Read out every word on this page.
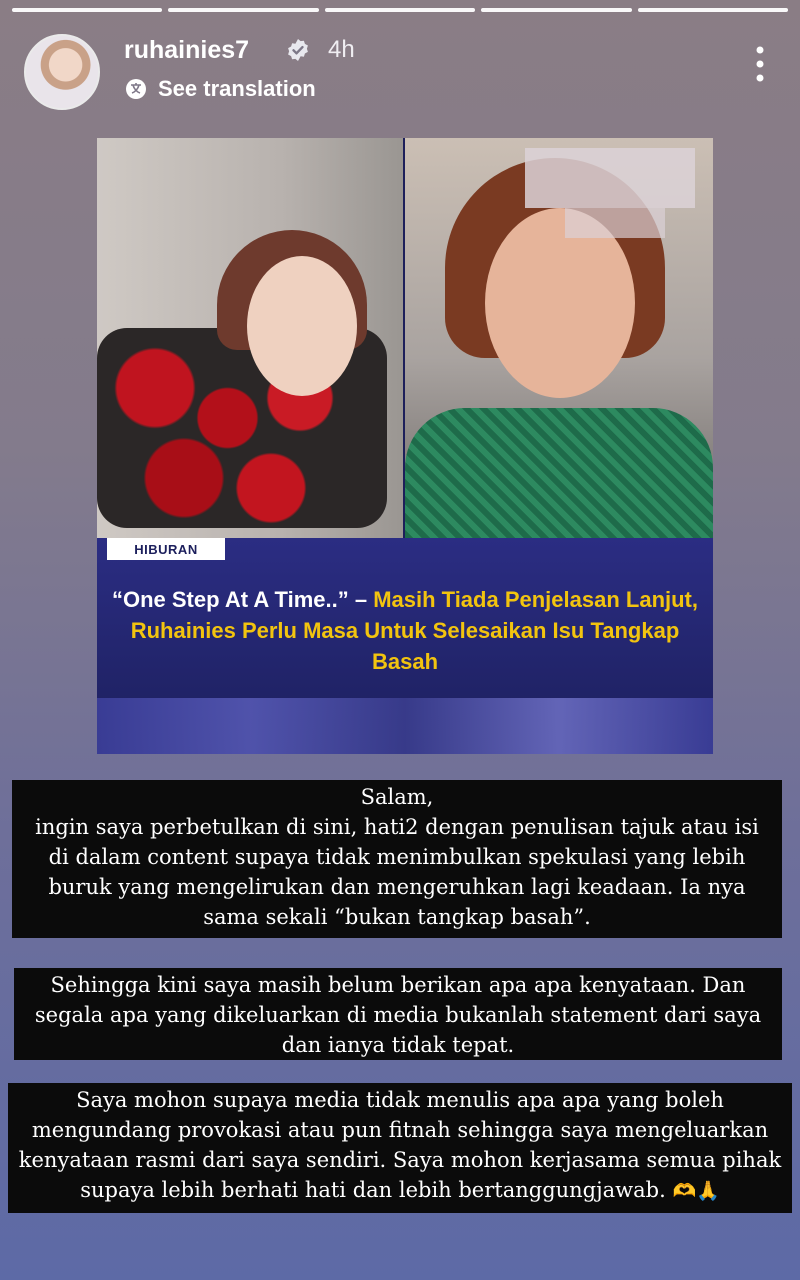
ruhainies7	4h
See translation
HIBURAN
“One Step At A Time..” – Masih Tiada Penjelasan Lanjut, Ruhainies Perlu Masa Untuk Selesaikan Isu Tangkap Basah

Salam,

ingin saya perbetulkan di sini, hati2 dengan penulisan tajuk atau isi di dalam content supaya tidak menimbulkan spekulasi yang lebih buruk yang mengelirukan dan mengeruhkan lagi keadaan. Ia nya sama sekali “bukan tangkap basah”.

Sehingga kini saya masih belum berikan apa apa kenyataan. Dan segala apa yang dikeluarkan di media bukanlah statement dari saya dan ianya tidak tepat.

Saya mohon supaya media tidak menulis apa apa yang boleh mengundang provokasi atau pun fitnah sehingga saya mengeluarkan kenyataan rasmi dari saya sendiri. Saya mohon kerjasama semua pihak supaya lebih berhati hati dan lebih bertanggungjawab. 🫶🙏
